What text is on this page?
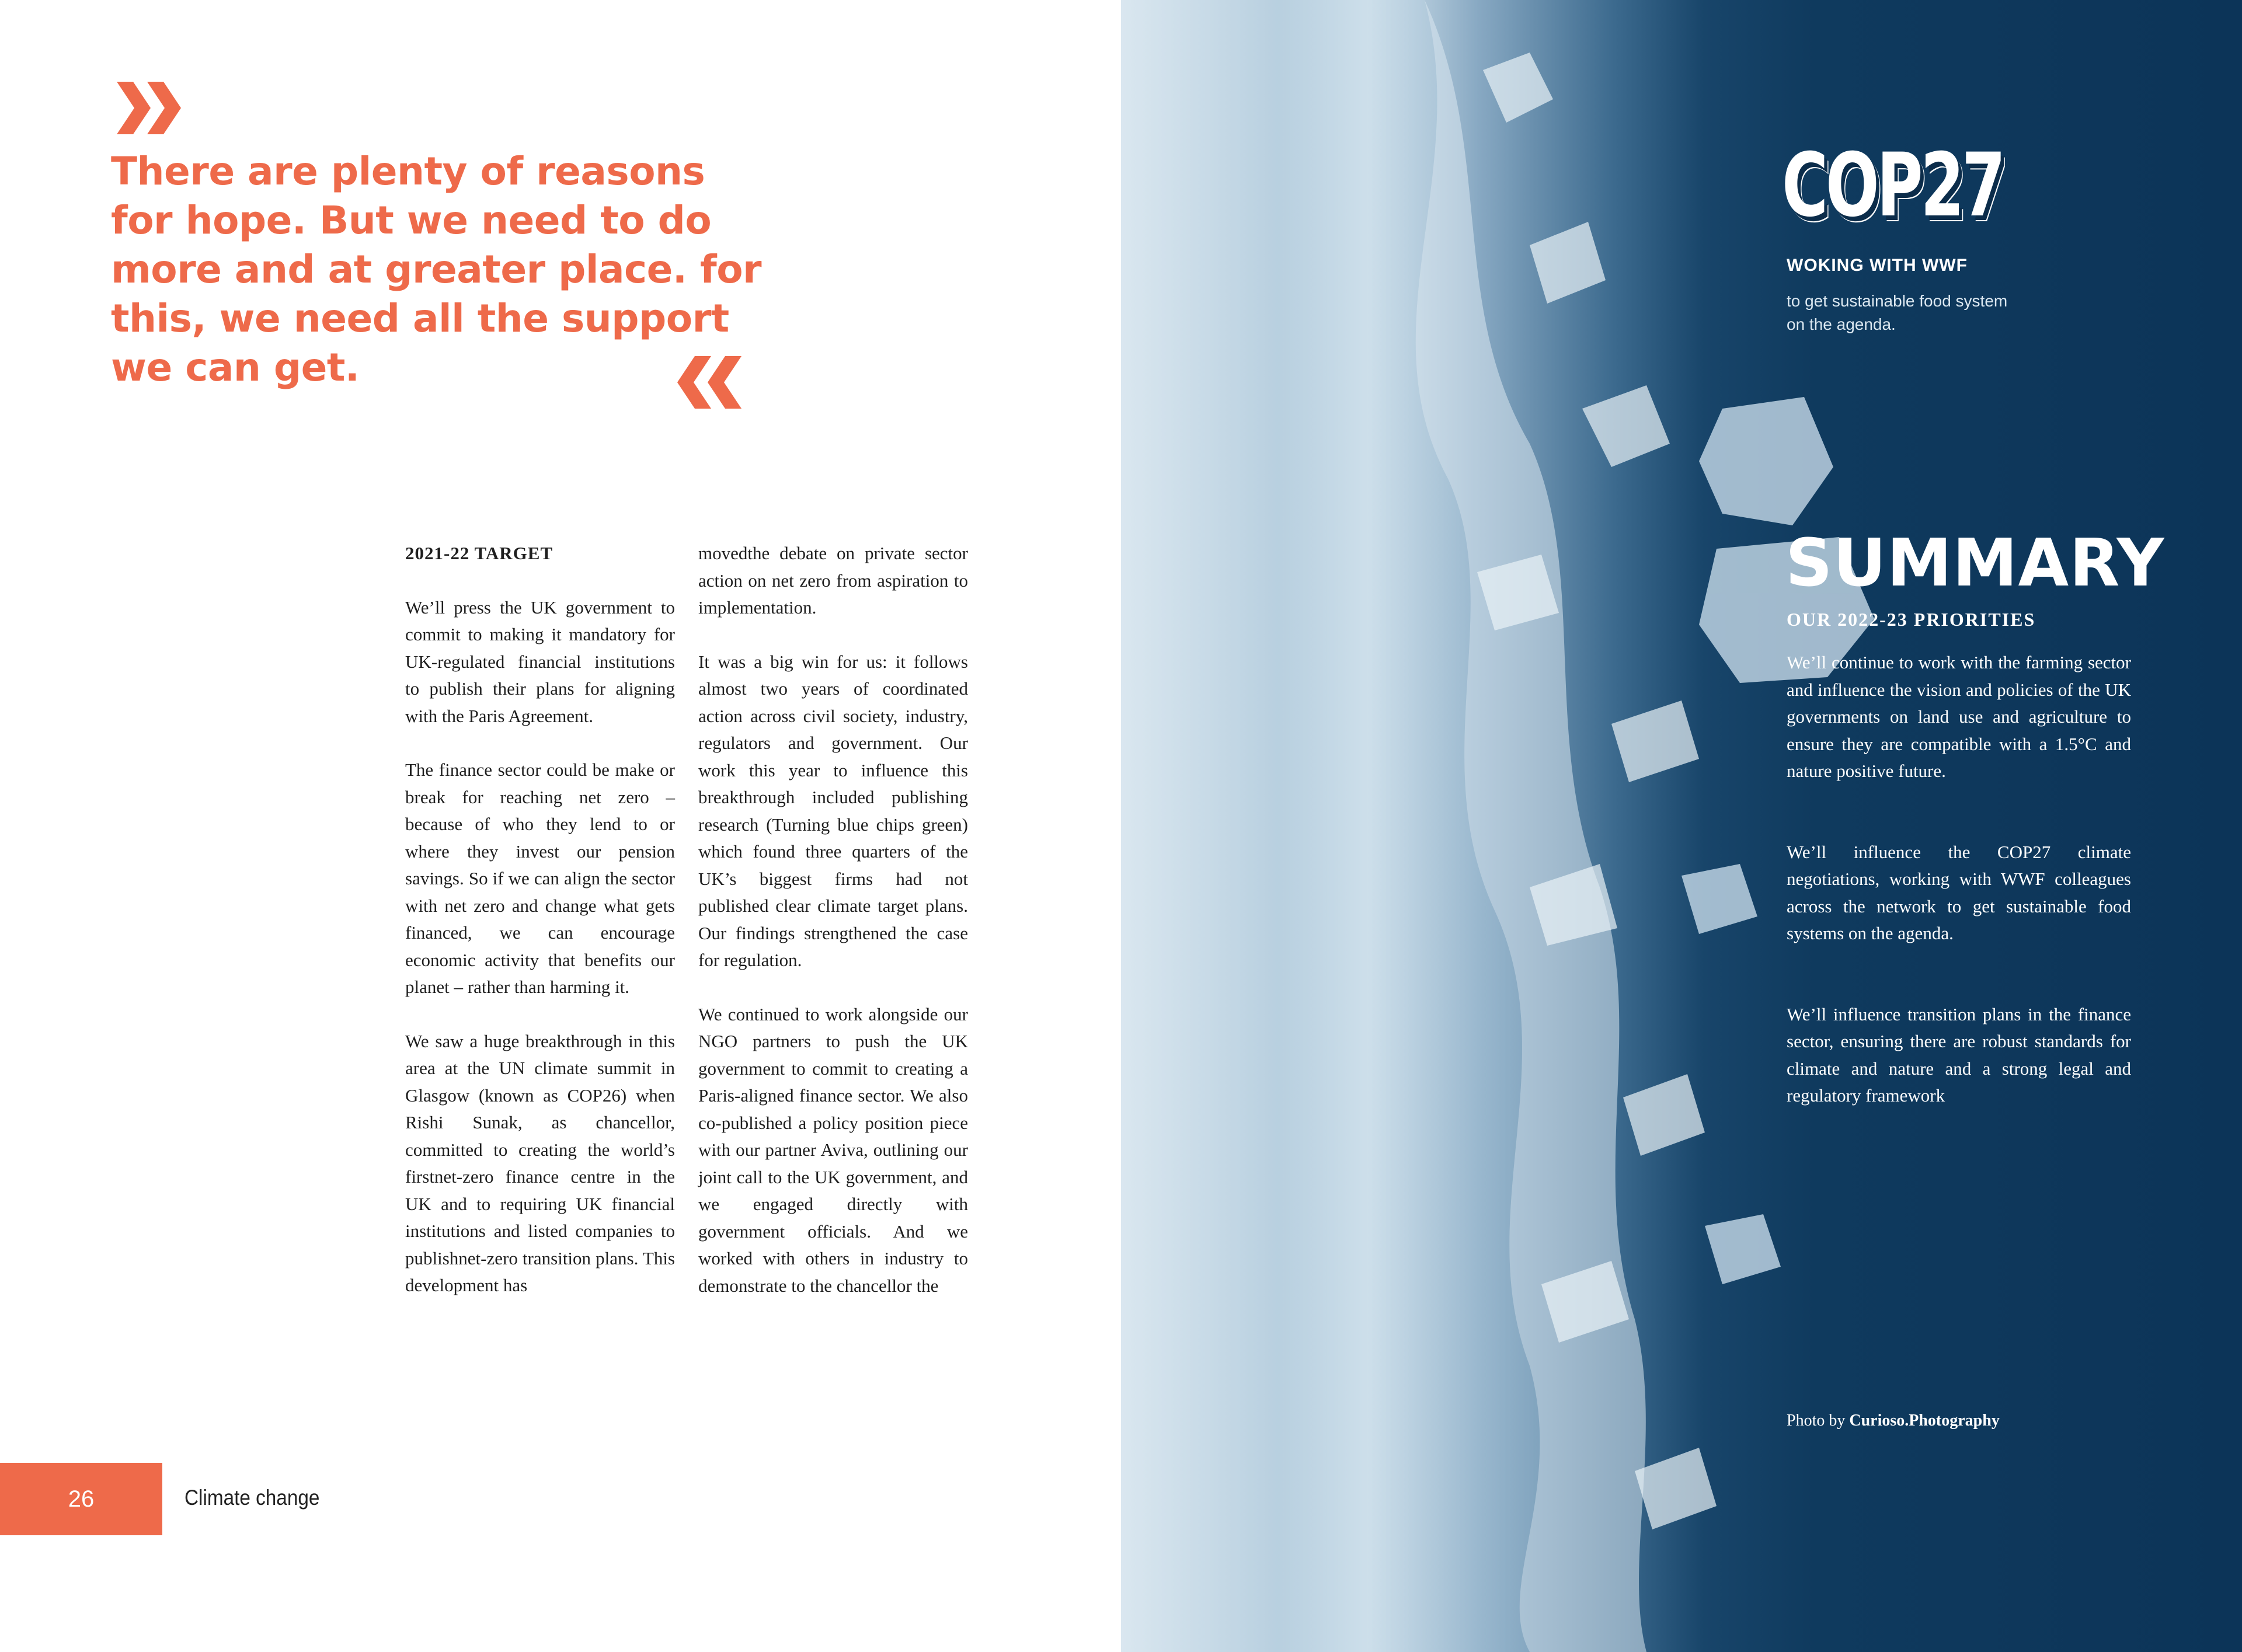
There are plenty of reasons for hope. But we need to do more and at greater place. for this, we need all the support we can get.

2021-22 TARGET

We’ll press the UK government to commit to making it mandatory for UK-regulated financial institutions to publish their plans for aligning with the Paris Agreement.

The finance sector could be make or break for reaching net zero – because of who they lend to or where they invest our pension savings. So if we can align the sector with net zero and change what gets financed, we can encourage economic activity that benefits our planet – rather than harming it.

We saw a huge breakthrough in this area at the UN climate summit in Glasgow (known as COP26) when Rishi Sunak, as chancellor, committed to creating the world’s firstnet-zero finance centre in the UK and to requiring UK financial institutions and listed companies to publishnet-zero transition plans. This development has

movedthe debate on private sector action on net zero from aspiration to implementation.

It was a big win for us: it follows almost two years of coordinated action across civil society, industry, regulators and government. Our work this year to influence this breakthrough included publishing research (Turning blue chips green) which found three quarters of the UK’s biggest firms had not published clear climate target plans. Our findings strengthened the case for regulation.

We continued to work alongside our NGO partners to push the UK government to commit to creating a Paris-aligned finance sector. We also co-published a policy position piece with our partner Aviva, outlining our joint call to the UK government, and we engaged directly with government officials. And we worked with others in industry to demonstrate to the chancellor the

26	Climate change
COP27
WOKING WITH WWF
to get sustainable food system on the agenda.
SUMMARY
OUR 2022-23 PRIORITIES

We’ll continue to work with the farming sector and influence the vision and policies of the UK governments on land use and agriculture to ensure they are compatible with a 1.5°C and nature positive future.

We’ll influence the COP27 climate negotiations, working with WWF colleagues across the network to get sustainable food systems on the agenda.

We’ll influence transition plans in the finance sector, ensuring there are robust standards for climate and nature and a strong legal and regulatory framework

Photo by Curioso.Photography
